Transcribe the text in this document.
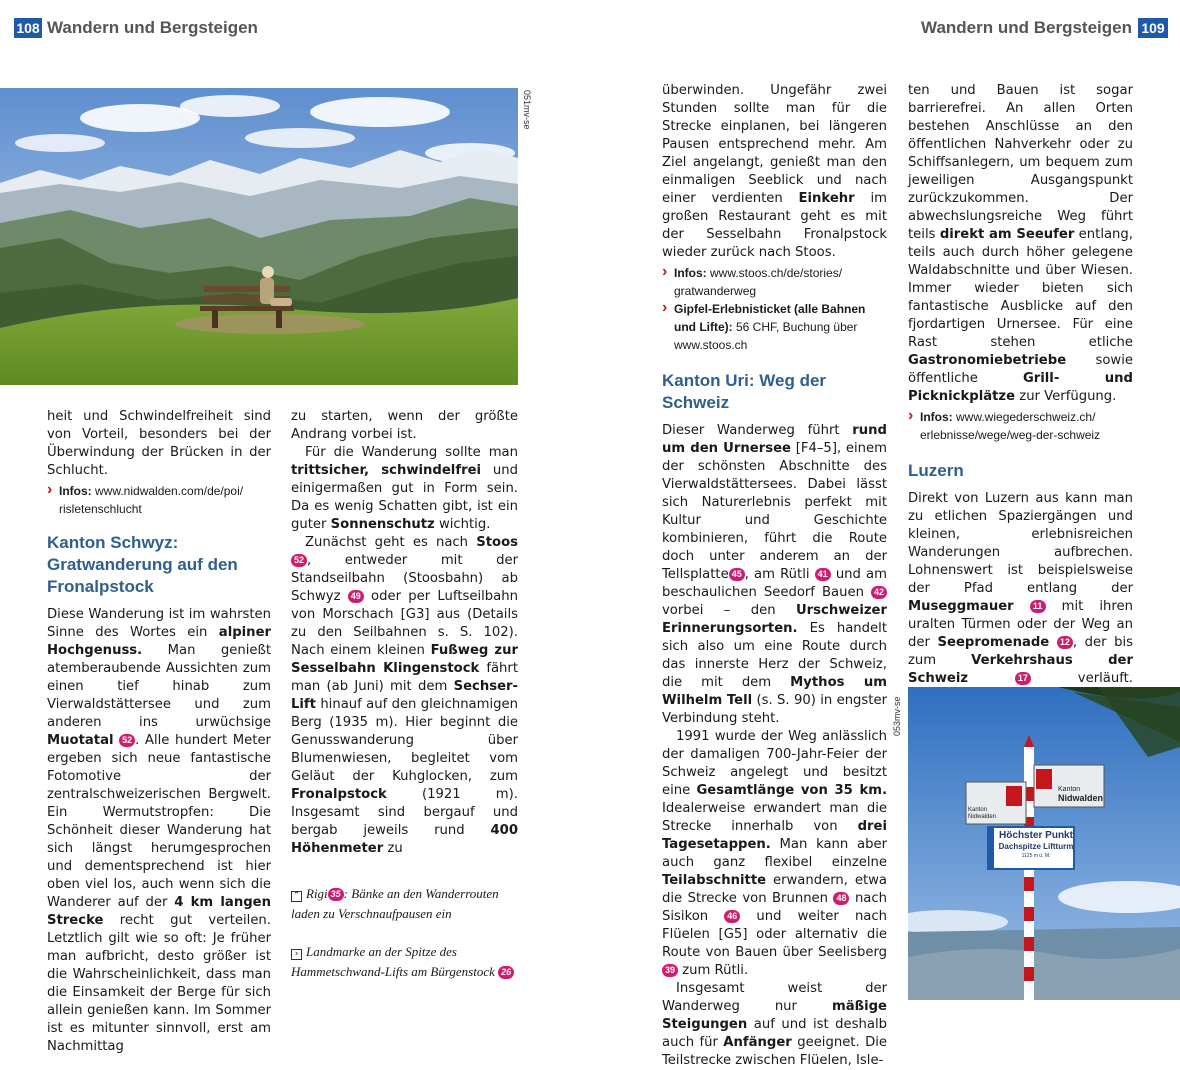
108 Wandern und Bergsteigen	Wandern und Bergsteigen 109
051mv-se

heit und Schwindelfreiheit sind von Vorteil, besonders bei der Überwindung der Brücken in der Schlucht.

› Infos: www.nidwalden.com/de/poi/ risletenschlucht
Kanton Schwyz: Gratwanderung auf den Fronalpstock

Diese Wanderung ist im wahrsten Sinne des Wortes ein alpiner Hochgenuss. Man genießt atemberaubende Aussichten zum einen tief hinab zum Vierwaldstättersee und zum anderen ins urwüchsige Muotatal 52 . Alle hundert Meter ergeben sich neue fantastische Fotomotive der zentralschweizerischen Bergwelt. Ein Wermutstropfen: Die Schönheit dieser Wanderung hat sich längst herumgesprochen und dementsprechend ist hier oben viel los, auch wenn sich die Wanderer auf der 4 km langen Strecke recht gut verteilen. Letztlich gilt wie so oft: Je früher man aufbricht, desto größer ist die Wahrscheinlichkeit, dass man die Einsamkeit der Berge für sich allein genießen kann. Im Sommer ist es mitunter sinnvoll, erst am Nachmittag

zu starten, wenn der größte Andrang vorbei ist.

Für die Wanderung sollte man trittsicher, schwindelfrei und einigermaßen gut in Form sein. Da es wenig Schatten gibt, ist ein guter Sonnenschutz wichtig.

Zunächst geht es nach Stoos 52 , entweder mit der Standseilbahn (Stoosbahn) ab Schwyz 49 oder per Luftseilbahn von Morschach [G3] aus (Details zu den Seilbahnen s. S. 102). Nach einem kleinen Fußweg zur Sesselbahn Klingenstock fährt man (ab Juni) mit dem Sechser-Lift hinauf auf den gleichnamigen Berg (1935 m). Hier beginnt die Genusswanderung über Blumenwiesen, begleitet vom Geläut der Kuhglocken, zum Fronalpstock	(1921 m). Insgesamt sind bergauf und bergab jeweils rund 400 Höhenmeter zu

⌃ Rigi 35 : Bänke an den Wanderrouten laden zu Verschnaufpausen ein
› Landmarke an der Spitze des Hammetschwand-Lifts am Bürgenstock 26

überwinden. Ungefähr zwei Stunden sollte man für die Strecke einplanen, bei längeren Pausen entsprechend mehr. Am Ziel angelangt, genießt man den einmaligen Seeblick und nach einer verdienten Einkehr im großen Restaurant geht es mit der Sesselbahn Fronalpstock wieder zurück nach Stoos.

› Infos: www.stoos.ch/de/stories/ gratwanderweg
› Gipfel-Erlebnisticket (alle Bahnen und Lifte): 56 CHF, Buchung über www.stoos.ch
Kanton Uri: Weg der Schweiz

Dieser Wanderweg führt rund um den Urnersee [F4–5], einem der schönsten Abschnitte des Vierwaldstättersees. Dabei lässt sich Naturerlebnis perfekt mit Kultur und Geschichte kombinieren, führt die Route doch unter anderem an der Tellsplatte 45 , am Rütli 41 und am beschaulichen Seedorf Bauen 42 vorbei – den Urschweizer Erinnerungsorten. Es handelt sich also um eine Route durch das innerste Herz der Schweiz, die mit dem Mythos um Wilhelm Tell (s. S. 90) in engster Verbindung steht.

1991 wurde der Weg anlässlich der damaligen 700-Jahr-Feier der Schweiz angelegt und besitzt eine Gesamtlänge von 35 km. Idealerweise erwandert man die Strecke innerhalb von drei Tagesetappen. Man kann aber auch ganz flexibel einzelne Teilabschnitte erwandern, etwa die Strecke von Brunnen 48 nach Sisikon 46 und weiter nach Flüelen [G5] oder alternativ die Route von Bauen über Seelisberg 39 zum Rütli.

Insgesamt weist der Wanderweg nur	mäßige Steigungen auf und ist deshalb auch für Anfänger geeignet. Die Teilstrecke zwischen Flüelen, Isle-

ten und Bauen ist sogar barrierefrei. An allen Orten bestehen Anschlüsse an den öffentlichen Nahverkehr oder zu Schiffsanlegern, um bequem zum jeweiligen Ausgangspunkt zurückzukommen. Der abwechslungsreiche Weg führt teils direkt am Seeufer entlang, teils auch durch höher gelegene Waldabschnitte und über Wiesen. Immer wieder bieten sich fantastische Ausblicke auf den fjordartigen Urnersee. Für eine Rast stehen etliche Gastronomiebetriebe sowie öffentliche	Grill- und Picknickplätze zur Verfügung.

› Infos: www.wiegederschweiz.ch/ erlebnisse/wege/weg-der-schweiz
Luzern

Direkt von Luzern aus kann man zu etlichen Spaziergängen und kleinen, erlebnisreichen Wanderungen aufbrechen. Lohnenswert ist beispielsweise der Pfad entlang der Museggmauer 11 mit ihren uralten Türmen oder der Weg an der Seepromenade 12 , der bis zum	Verkehrshaus der Schweiz	17	verläuft.

Kanton
Nidwalden
Kanton Nidwalden
Höchster Punkt
Dachspitze Liftturm
1125 m ü. M.
053mv-se
